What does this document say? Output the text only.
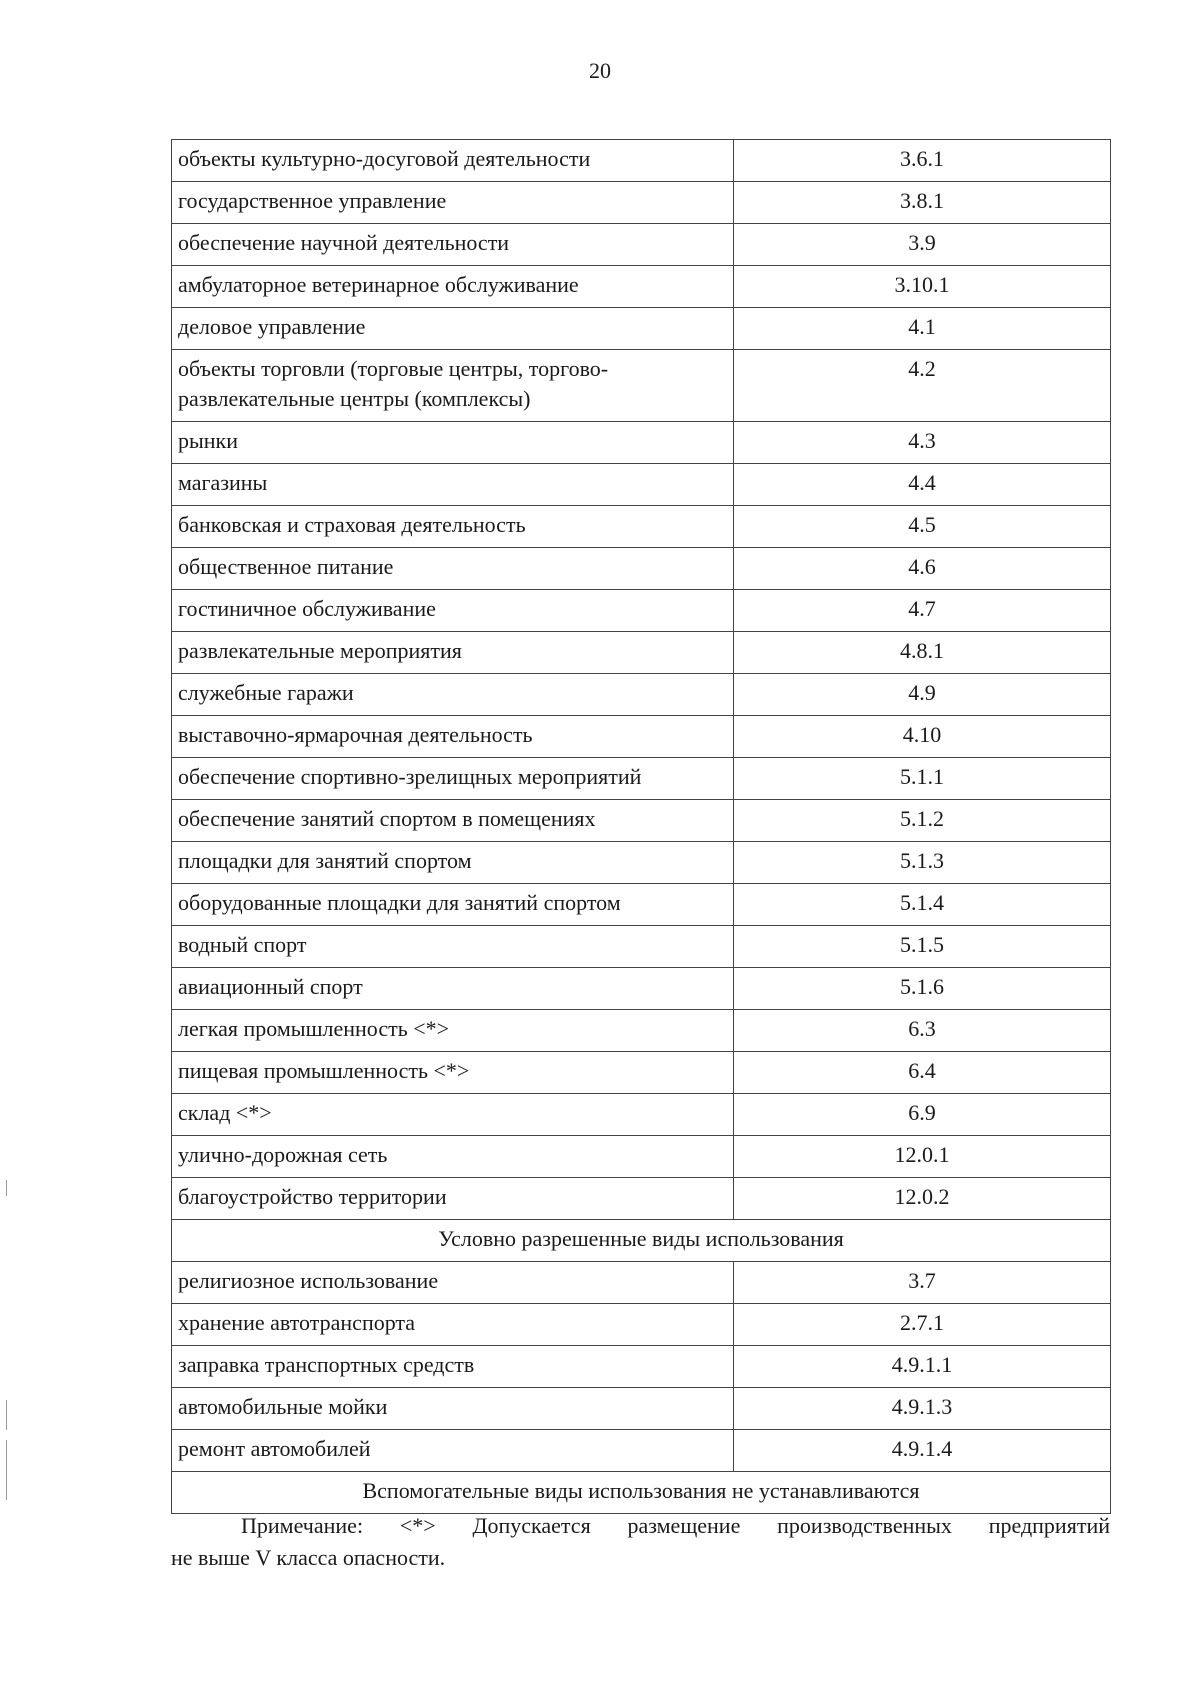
20
объекты культурно-досуговой деятельности	3.6.1
государственное управление	3.8.1
обеспечение научной деятельности	3.9
амбулаторное ветеринарное обслуживание	3.10.1
деловое управление	4.1
объекты торговли (торговые центры, торгово-развлекательные центры (комплексы)	4.2
рынки	4.3
магазины	4.4
банковская и страховая деятельность	4.5
общественное питание	4.6
гостиничное обслуживание	4.7
развлекательные мероприятия	4.8.1
служебные гаражи	4.9
выставочно-ярмарочная деятельность	4.10
обеспечение спортивно-зрелищных мероприятий	5.1.1
обеспечение занятий спортом в помещениях	5.1.2
площадки для занятий спортом	5.1.3
оборудованные площадки для занятий спортом	5.1.4
водный спорт	5.1.5
авиационный спорт	5.1.6
легкая промышленность <*>	6.3
пищевая промышленность <*>	6.4
склад <*>	6.9
улично-дорожная сеть	12.0.1
благоустройство территории	12.0.2
Условно разрешенные виды использования	
религиозное использование	3.7
хранение автотранспорта	2.7.1
заправка транспортных средств	4.9.1.1
автомобильные мойки	4.9.1.3
ремонт автомобилей	4.9.1.4
Вспомогательные виды использования не устанавливаются	

Примечание: <*> Допускается размещение производственных предприятий

не выше V класса опасности.
